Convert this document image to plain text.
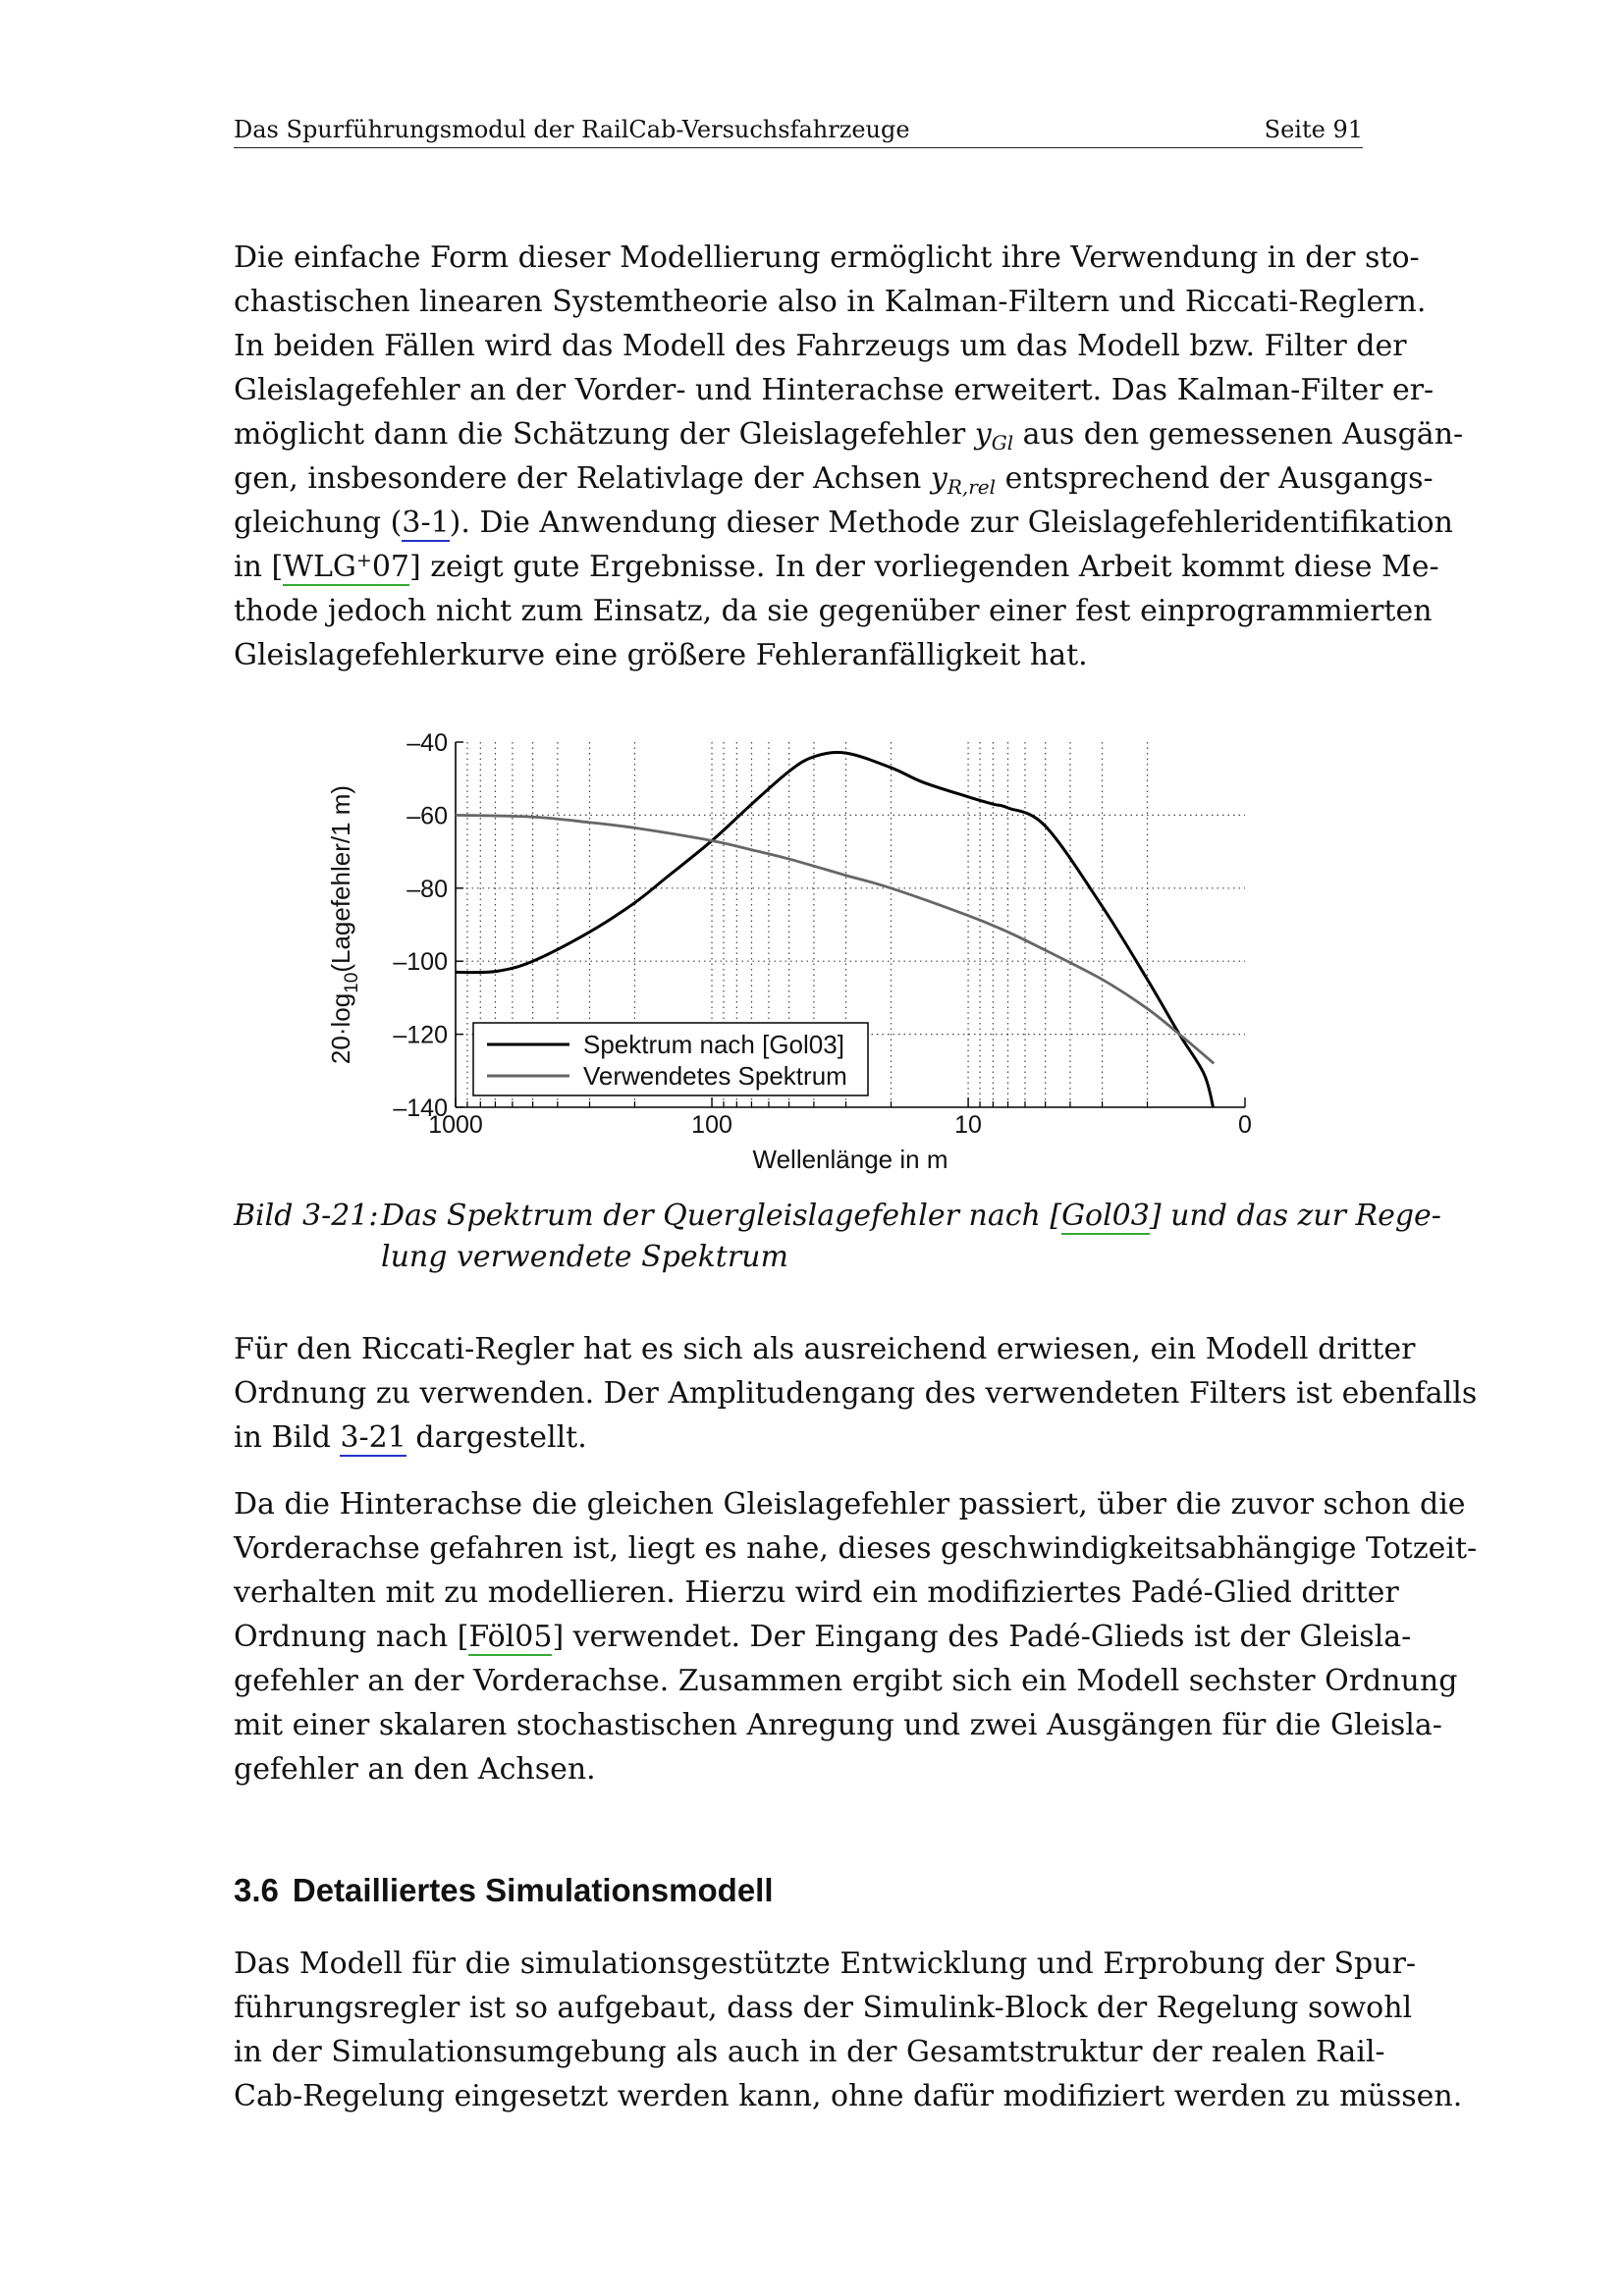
Das Spurführungsmodul der RailCab-Versuchsfahrzeuge	Seite 91

Die einfache Form dieser Modellierung ermöglicht ihre Verwendung in der sto-
chastischen linearen Systemtheorie also in Kalman-Filtern und Riccati-Reglern.
In beiden Fällen wird das Modell des Fahrzeugs um das Modell bzw. Filter der
Gleislagefehler an der Vorder- und Hinterachse erweitert. Das Kalman-Filter er-
möglicht dann die Schätzung der Gleislagefehler $y_{Gl}$ aus den gemessenen Ausgän-
gen, insbesondere der Relativlage der Achsen $y_{R,rel}$ entsprechend der Ausgangs-
gleichung (3-1). Die Anwendung dieser Methode zur Gleislagefehleridentifikation
in [WLG+07] zeigt gute Ergebnisse. In der vorliegenden Arbeit kommt diese Me-
thode jedoch nicht zum Einsatz, da sie gegenüber einer fest einprogrammierten
Gleislagefehlerkurve eine größere Fehleranfälligkeit hat.

–40
–60
–80
–100
–120
–140
1000	100	10	0
Wellenlänge in m
$20\cdot\log_{10}(Lagefehler/1$ m)
Spektrum nach [Gol03]
Verwendetes Spektrum
Bild 3-21: Das Spektrum der Quergleislagefehler nach [Gol03] und das zur Rege-
lung verwendete Spektrum

Für den Riccati-Regler hat es sich als ausreichend erwiesen, ein Modell dritter
Ordnung zu verwenden. Der Amplitudengang des verwendeten Filters ist ebenfalls
in Bild 3-21 dargestellt.

Da die Hinterachse die gleichen Gleislagefehler passiert, über die zuvor schon die
Vorderachse gefahren ist, liegt es nahe, dieses geschwindigkeitsabhängige Totzeit-
verhalten mit zu modellieren. Hierzu wird ein modifiziertes Padé-Glied dritter
Ordnung nach [Föl05] verwendet. Der Eingang des Padé-Glieds ist der Gleisla-
gefehler an der Vorderachse. Zusammen ergibt sich ein Modell sechster Ordnung
mit einer skalaren stochastischen Anregung und zwei Ausgängen für die Gleisla-
gefehler an den Achsen.

3.6 Detailliertes Simulationsmodell

Das Modell für die simulationsgestützte Entwicklung und Erprobung der Spur-
führungsregler ist so aufgebaut, dass der Simulink-Block der Regelung sowohl
in der Simulationsumgebung als auch in der Gesamtstruktur der realen Rail-
Cab-Regelung eingesetzt werden kann, ohne dafür modifiziert werden zu müssen.
